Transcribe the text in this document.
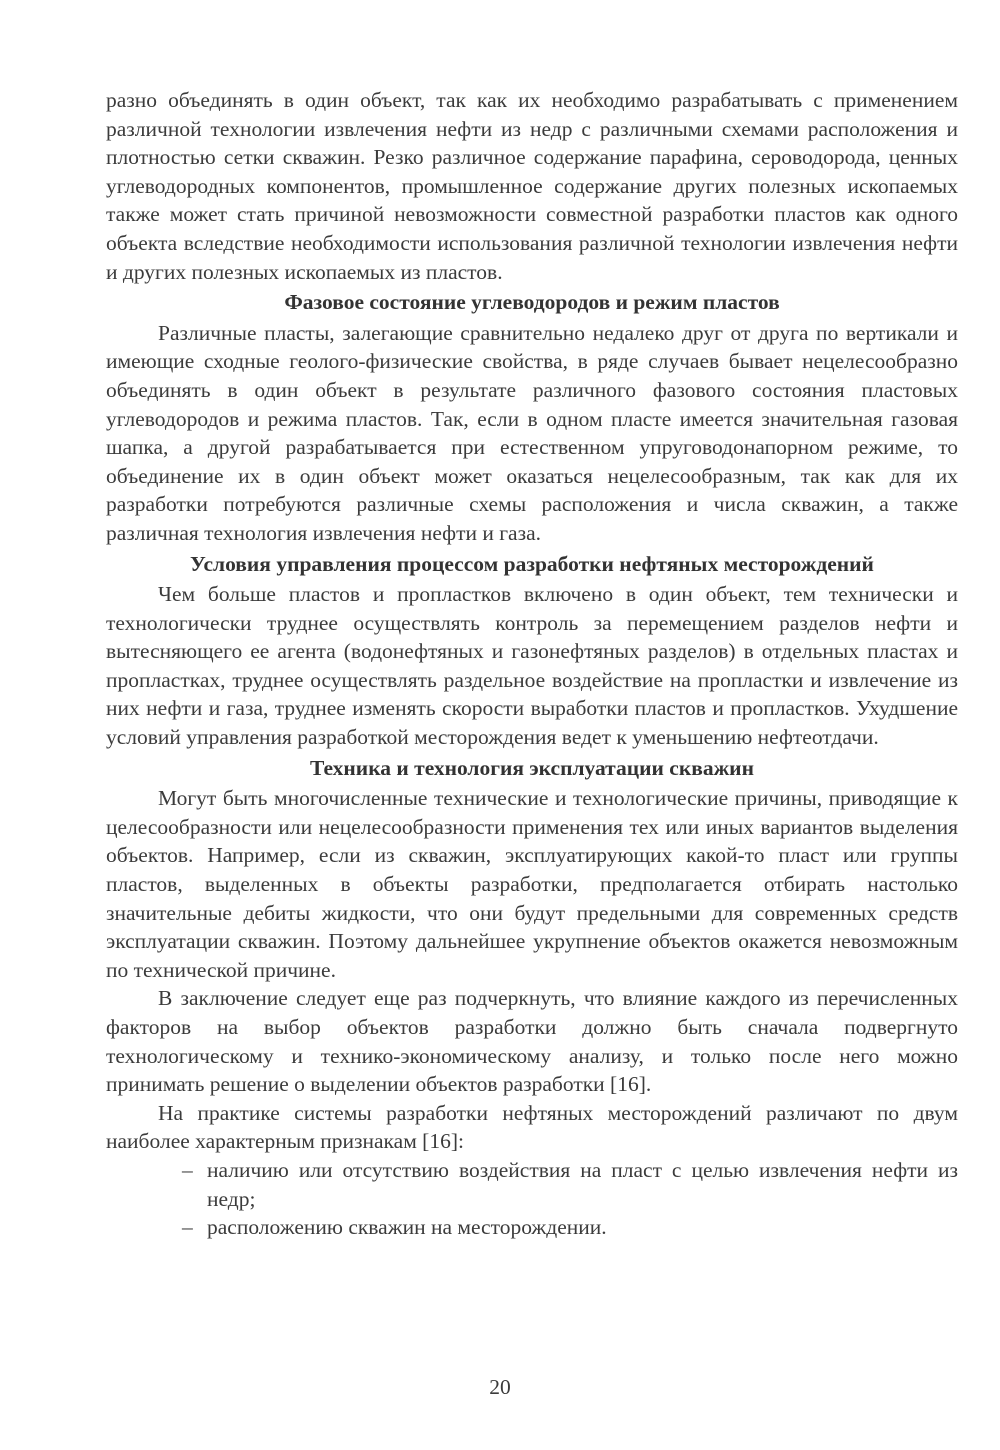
разно объединять в один объект, так как их необходимо разрабатывать с применением различной технологии извлечения нефти из недр с различными схемами расположения и плотностью сетки скважин. Резко различное содержание парафина, сероводорода, ценных углеводородных компонентов, промышленное содержание других полезных ископаемых также может стать причиной невозможности совместной разработки пластов как одного объекта вследствие необходимости использования различной технологии извлечения нефти и других полезных ископаемых из пластов.

Фазовое состояние углеводородов и режим пластов

Различные пласты, залегающие сравнительно недалеко друг от друга по вертикали и имеющие сходные геолого-физические свойства, в ряде случаев бывает нецелесообразно объединять в один объект в результате различного фазового состояния пластовых углеводородов и режима пластов. Так, если в одном пласте имеется значительная газовая шапка, а другой разрабатывается при естественном упруговодонапорном режиме, то объединение их в один объект может оказаться нецелесообразным, так как для их разработки потребуются различные схемы расположения и числа скважин, а также различная технология извлечения нефти и газа.

Условия управления процессом разработки нефтяных месторождений

Чем больше пластов и пропластков включено в один объект, тем технически и технологически труднее осуществлять контроль за перемещением разделов нефти и вытесняющего ее агента (водонефтяных и газонефтяных разделов) в отдельных пластах и пропластках, труднее осуществлять раздельное воздействие на пропластки и извлечение из них нефти и газа, труднее изменять скорости выработки пластов и пропластков. Ухудшение условий управления разработкой месторождения ведет к уменьшению нефтеотдачи.

Техника и технология эксплуатации скважин

Могут быть многочисленные технические и технологические причины, приводящие к целесообразности или нецелесообразности применения тех или иных вариантов выделения объектов. Например, если из скважин, эксплуатирующих какой-то пласт или группы пластов, выделенных в объекты разработки, предполагается отбирать настолько значительные дебиты жидкости, что они будут предельными для современных средств эксплуатации скважин. Поэтому дальнейшее укрупнение объектов окажется невозможным по технической причине.

В заключение следует еще раз подчеркнуть, что влияние каждого из перечисленных факторов на выбор объектов разработки должно быть сначала подвергнуто технологическому и технико-экономическому анализу, и только после него можно принимать решение о выделении объектов разработки [16].

На практике системы разработки нефтяных месторождений различают по двум наиболее характерным признакам [16]:

– наличию или отсутствию воздействия на пласт с целью извлечения нефти из недр;
– расположению скважин на месторождении.
20
